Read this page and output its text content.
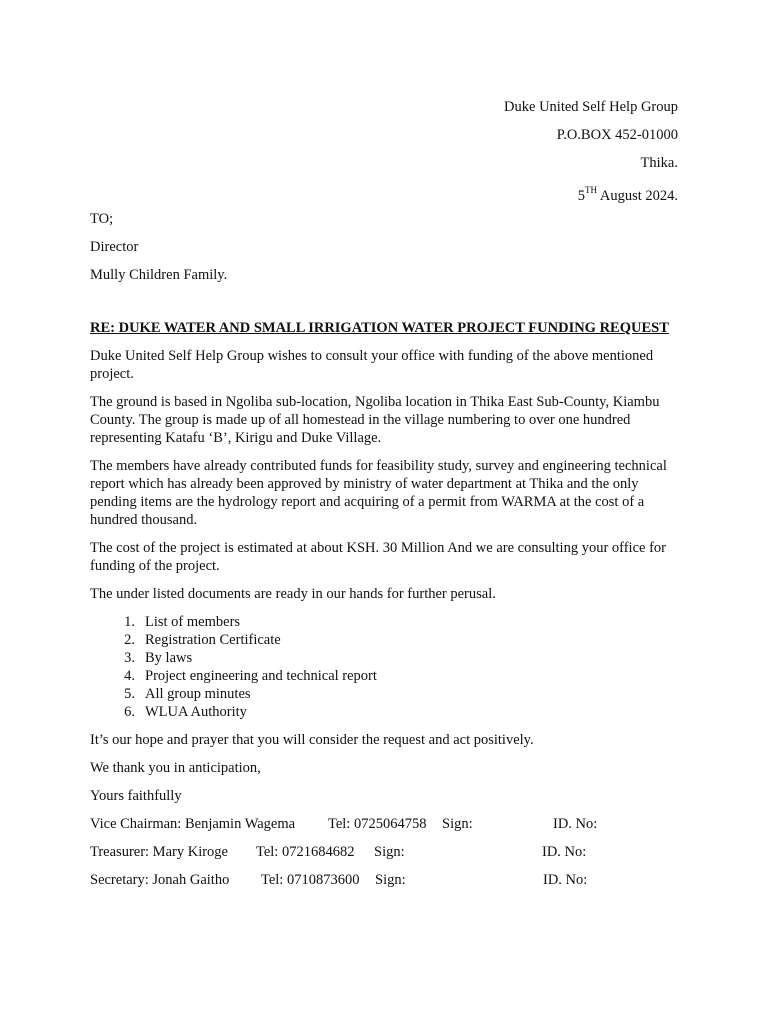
Duke United Self Help Group
P.O.BOX 452-01000
Thika.
5TH August 2024.
TO;
Director
Mully Children Family.
RE: DUKE WATER AND SMALL IRRIGATION WATER PROJECT FUNDING REQUEST

Duke United Self Help Group wishes to consult your office with funding of the above mentioned project.

The ground is based in Ngoliba sub-location, Ngoliba location in Thika East Sub-County, Kiambu County. The group is made up of all homestead in the village numbering to over one hundred representing Katafu ‘B’, Kirigu and Duke Village.

The members have already contributed funds for feasibility study, survey and engineering technical report which has already been approved by ministry of water department at Thika and the only pending items are the hydrology report and acquiring of a permit from WARMA at the cost of a hundred thousand.

The cost of the project is estimated at about KSH. 30 Million And we are consulting your office for funding of the project.

The under listed documents are ready in our hands for further perusal.

1. List of members
2. Registration Certificate
3. By laws
4. Project engineering and technical report
5. All group minutes
6. WLUA Authority

It’s our hope and prayer that you will consider the request and act positively.

We thank you in anticipation,

Yours faithfully

Vice Chairman: Benjamin Wagema Tel: 0725064758 Sign:	ID. No:
Treasurer: Mary Kiroge Tel: 0721684682 Sign:	ID. No:
Secretary: Jonah Gaitho Tel: 0710873600 Sign:	ID. No:
